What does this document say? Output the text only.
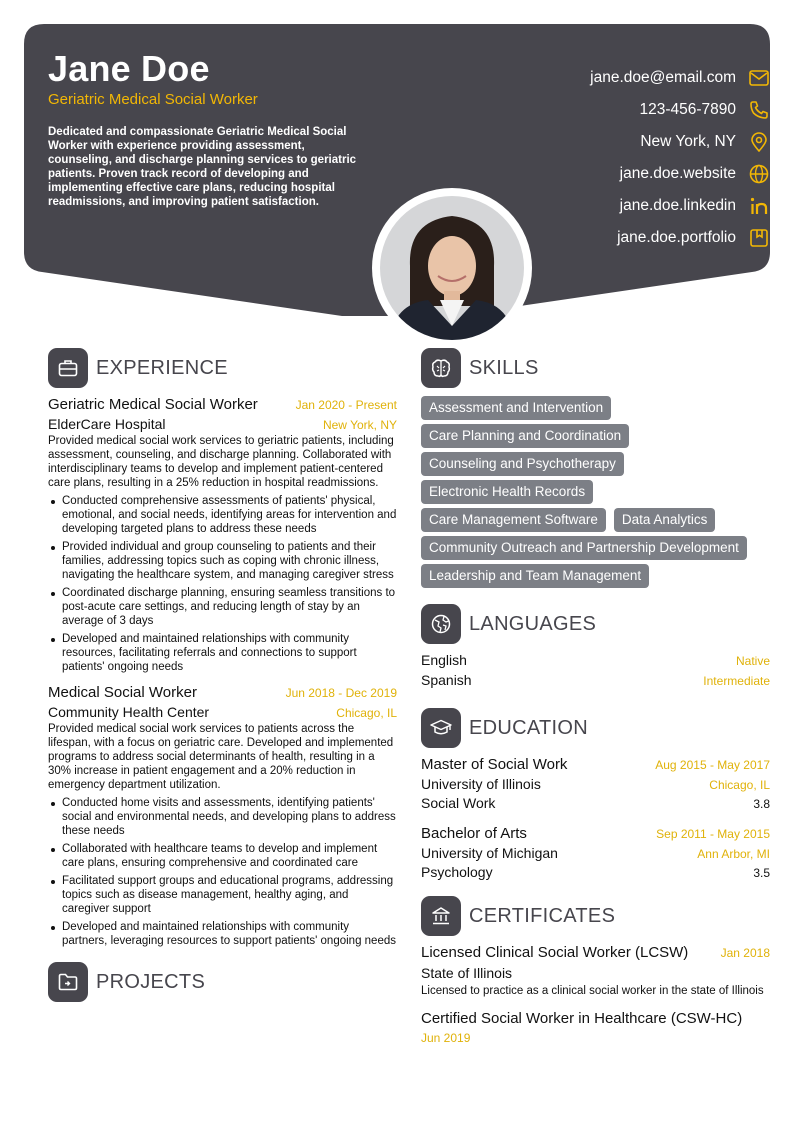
Jane Doe
Geriatric Medical Social Worker
Dedicated and compassionate Geriatric Medical Social Worker with experience providing assessment, counseling, and discharge planning services to geriatric patients. Proven track record of developing and implementing effective care plans, reducing hospital readmissions, and improving patient satisfaction.
jane.doe@email.com
123-456-7890
New York, NY
jane.doe.website
jane.doe.linkedin
jane.doe.portfolio
EXPERIENCE
Geriatric Medical Social Worker	Jan 2020 - Present
ElderCare Hospital	New York, NY
Provided medical social work services to geriatric patients, including assessment, counseling, and discharge planning. Collaborated with interdisciplinary teams to develop and implement patient-centered care plans, resulting in a 25% reduction in hospital readmissions.
Conducted comprehensive assessments of patients' physical, emotional, and social needs, identifying areas for intervention and developing targeted plans to address these needs
Provided individual and group counseling to patients and their families, addressing topics such as coping with chronic illness, navigating the healthcare system, and managing caregiver stress
Coordinated discharge planning, ensuring seamless transitions to post-acute care settings, and reducing length of stay by an average of 3 days
Developed and maintained relationships with community resources, facilitating referrals and connections to support patients' ongoing needs
Medical Social Worker	Jun 2018 - Dec 2019
Community Health Center	Chicago, IL
Provided medical social work services to patients across the lifespan, with a focus on geriatric care. Developed and implemented programs to address social determinants of health, resulting in a 30% increase in patient engagement and a 20% reduction in emergency department utilization.
Conducted home visits and assessments, identifying patients' social and environmental needs, and developing plans to address these needs
Collaborated with healthcare teams to develop and implement care plans, ensuring comprehensive and coordinated care
Facilitated support groups and educational programs, addressing topics such as disease management, healthy aging, and caregiver support
Developed and maintained relationships with community partners, leveraging resources to support patients' ongoing needs
PROJECTS
SKILLS
Assessment and Intervention
Care Planning and Coordination
Counseling and Psychotherapy
Electronic Health Records
Care Management Software	Data Analytics
Community Outreach and Partnership Development
Leadership and Team Management
LANGUAGES
English	Native
Spanish	Intermediate
EDUCATION
Master of Social Work	Aug 2015 - May 2017
University of Illinois	Chicago, IL
Social Work	3.8
Bachelor of Arts	Sep 2011 - May 2015
University of Michigan	Ann Arbor, MI
Psychology	3.5
CERTIFICATES
Licensed Clinical Social Worker (LCSW)	Jan 2018
State of Illinois
Licensed to practice as a clinical social worker in the state of Illinois
Certified Social Worker in Healthcare (CSW-HC)
Jun 2019
